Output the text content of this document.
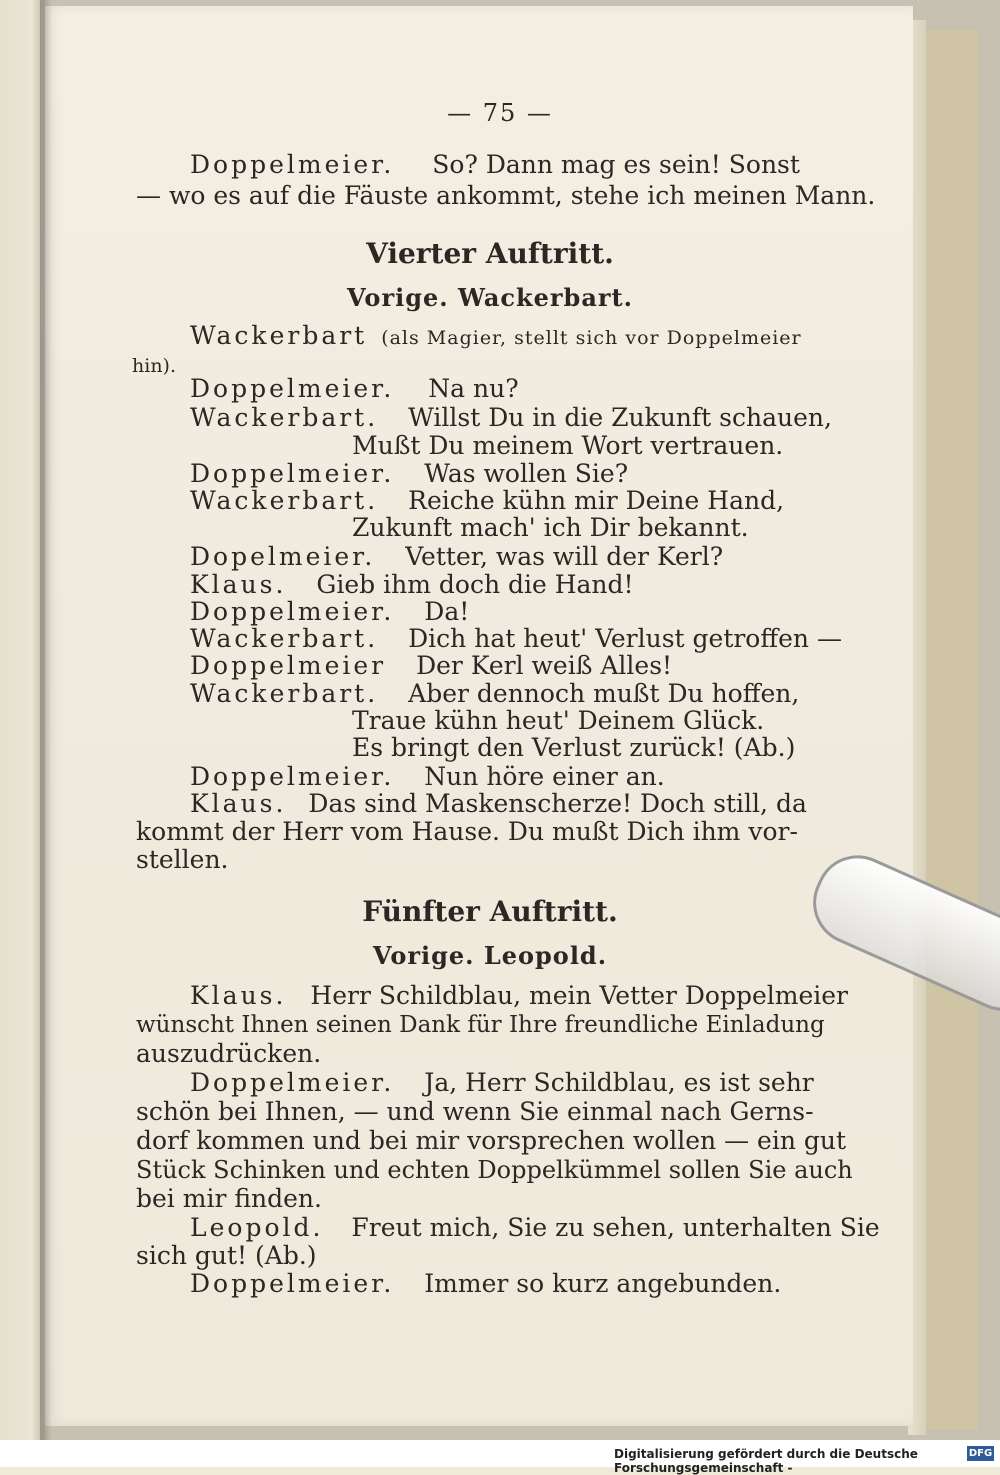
— 75 —
Doppelmeier. So? Dann mag es sein! Sonst
— wo es auf die Fäuste ankommt, stehe ich meinen Mann.
Vierter Auftritt.
Vorige. Wackerbart.
Wackerbart (als Magier, stellt sich vor Doppelmeier
hin).
Doppelmeier. Na nu?
Wackerbart. Willst Du in die Zukunft schauen,
Mußt Du meinem Wort vertrauen.
Doppelmeier. Was wollen Sie?
Wackerbart. Reiche kühn mir Deine Hand,
Zukunft mach' ich Dir bekannt.
Dopelmeier. Vetter, was will der Kerl?
Klaus. Gieb ihm doch die Hand!
Doppelmeier. Da!
Wackerbart. Dich hat heut' Verlust getroffen —
Doppelmeier Der Kerl weiß Alles!
Wackerbart. Aber dennoch mußt Du hoffen,
Traue kühn heut' Deinem Glück.
Es bringt den Verlust zurück! (Ab.)
Doppelmeier. Nun höre einer an.
Klaus. Das sind Maskenscherze! Doch still, da
kommt der Herr vom Hause. Du mußt Dich ihm vor-
stellen.
Fünfter Auftritt.
Vorige. Leopold.
Klaus. Herr Schildblau, mein Vetter Doppelmeier
wünscht Ihnen seinen Dank für Ihre freundliche Einladung
auszudrücken.
Doppelmeier. Ja, Herr Schildblau, es ist sehr
schön bei Ihnen, — und wenn Sie einmal nach Gerns-
dorf kommen und bei mir vorsprechen wollen — ein gut
Stück Schinken und echten Doppelkümmel sollen Sie auch
bei mir finden.
Leopold. Freut mich, Sie zu sehen, unterhalten Sie
sich gut! (Ab.)
Doppelmeier. Immer so kurz angebunden.
Digitalisierung gefördert durch die Deutsche Forschungsgemeinschaft -
DFG
